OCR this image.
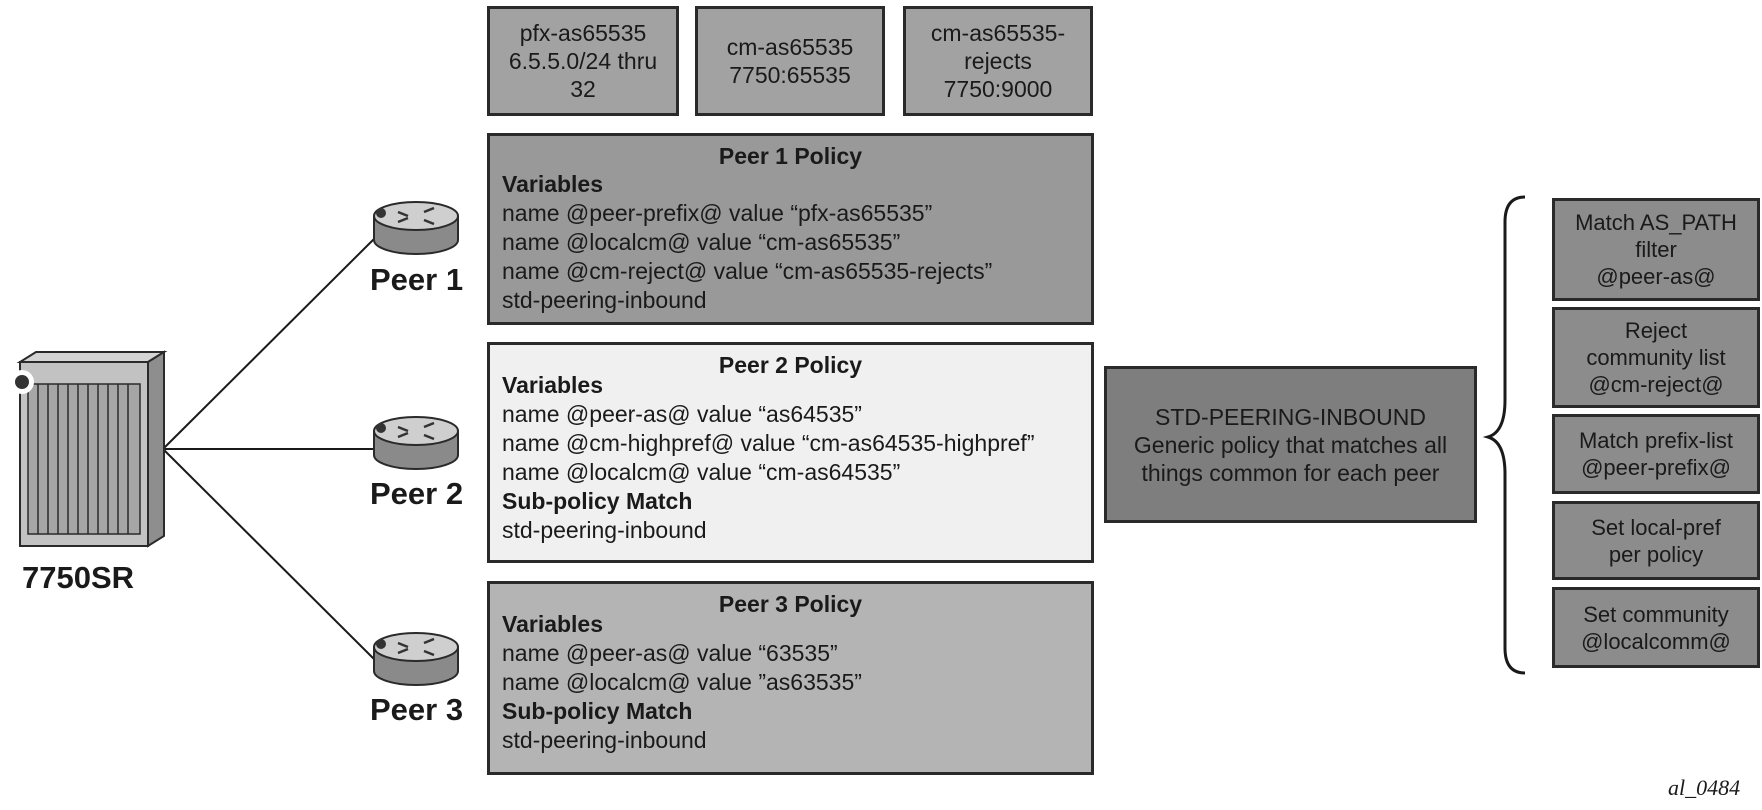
7750SR
Peer 1
Peer 2
Peer 3
pfx-as65535
6.5.5.0/24 thru
32
cm-as65535
7750:65535
cm-as65535-
rejects
7750:9000
Peer 1 Policy
Variables
name @peer-prefix@ value “pfx-as65535”
name @localcm@ value “cm-as65535”
name @cm-reject@ value “cm-as65535-rejects”
std-peering-inbound
Peer 2 Policy
Variables
name @peer-as@ value “as64535”
name @cm-highpref@ value “cm-as64535-highpref”
name @localcm@ value “cm-as64535”
Sub-policy Match
std-peering-inbound
Peer 3 Policy
Variables
name @peer-as@ value “63535”
name @localcm@ value ”as63535”
Sub-policy Match
std-peering-inbound
STD-PEERING-INBOUND
Generic policy that matches all
things common for each peer
Match AS_PATH
filter
@peer-as@
Reject
community list
@cm-reject@
Match prefix-list
@peer-prefix@
Set local-pref
per policy
Set community
@localcomm@
al_0484
